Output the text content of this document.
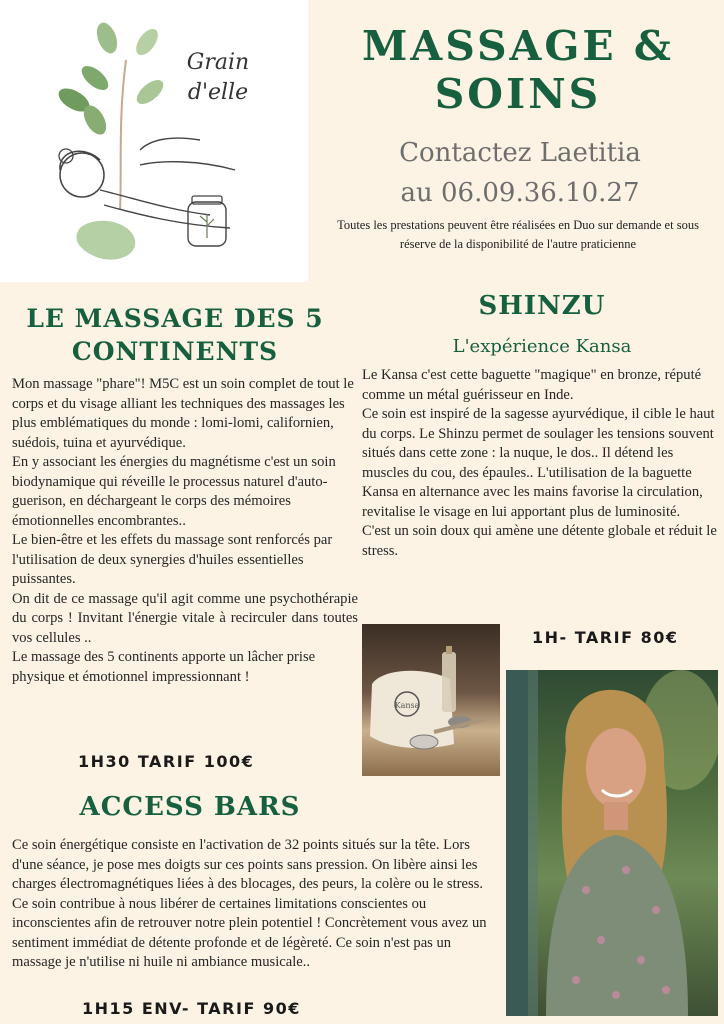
Grain
d'elle
MASSAGE &
SOINS
Contactez Laetitia
au 06.09.36.10.27
Toutes les prestations peuvent être réalisées en Duo sur demande et sous réserve de la disponibilité de l'autre praticienne
LE MASSAGE DES 5
CONTINENTS

Mon massage "phare"! M5C est un soin complet de tout le corps et du visage alliant les techniques des massages les plus emblématiques du monde : lomi-lomi, californien, suédois, tuina et ayurvédique.

En y associant les énergies du magnétisme c'est un soin biodynamique qui réveille le processus naturel d'auto-guerison, en déchargeant le corps des mémoires émotionnelles encombrantes..

Le bien-être et les effets du massage sont renforcés par l'utilisation de deux synergies d'huiles essentielles puissantes.

On dit de ce massage qu'il agit comme une psychothérapie du corps ! Invitant l'énergie vitale à recirculer dans toutes vos cellules ..

Le massage des 5 continents apporte un lâcher prise physique et émotionnel impressionnant !

1H30 TARIF 100€
SHINZU
L'expérience Kansa

Le Kansa c'est cette baguette "magique" en bronze, réputé comme un métal guérisseur en Inde.

Ce soin est inspiré de la sagesse ayurvédique, il cible le haut du corps. Le Shinzu permet de soulager les tensions souvent situés dans cette zone : la nuque, le dos.. Il détend les muscles du cou, des épaules.. L'utilisation de la baguette Kansa en alternance avec les mains favorise la circulation, revitalise le visage en lui apportant plus de luminosité.

C'est un soin doux qui amène une détente globale et réduit le stress.

1H- TARIF 80€
Kansa
ACCESS BARS

Ce soin énergétique consiste en l'activation de 32 points situés sur la tête. Lors d'une séance, je pose mes doigts sur ces points sans pression. On libère ainsi les charges électromagnétiques liées à des blocages, des peurs, la colère ou le stress. Ce soin contribue à nous libérer de certaines limitations conscientes ou inconscientes afin de retrouver notre plein potentiel ! Concrètement vous avez un sentiment immédiat de détente profonde et de légèreté. Ce soin n'est pas un massage je n'utilise ni huile ni ambiance musicale..

1H15 ENV- TARIF 90€
